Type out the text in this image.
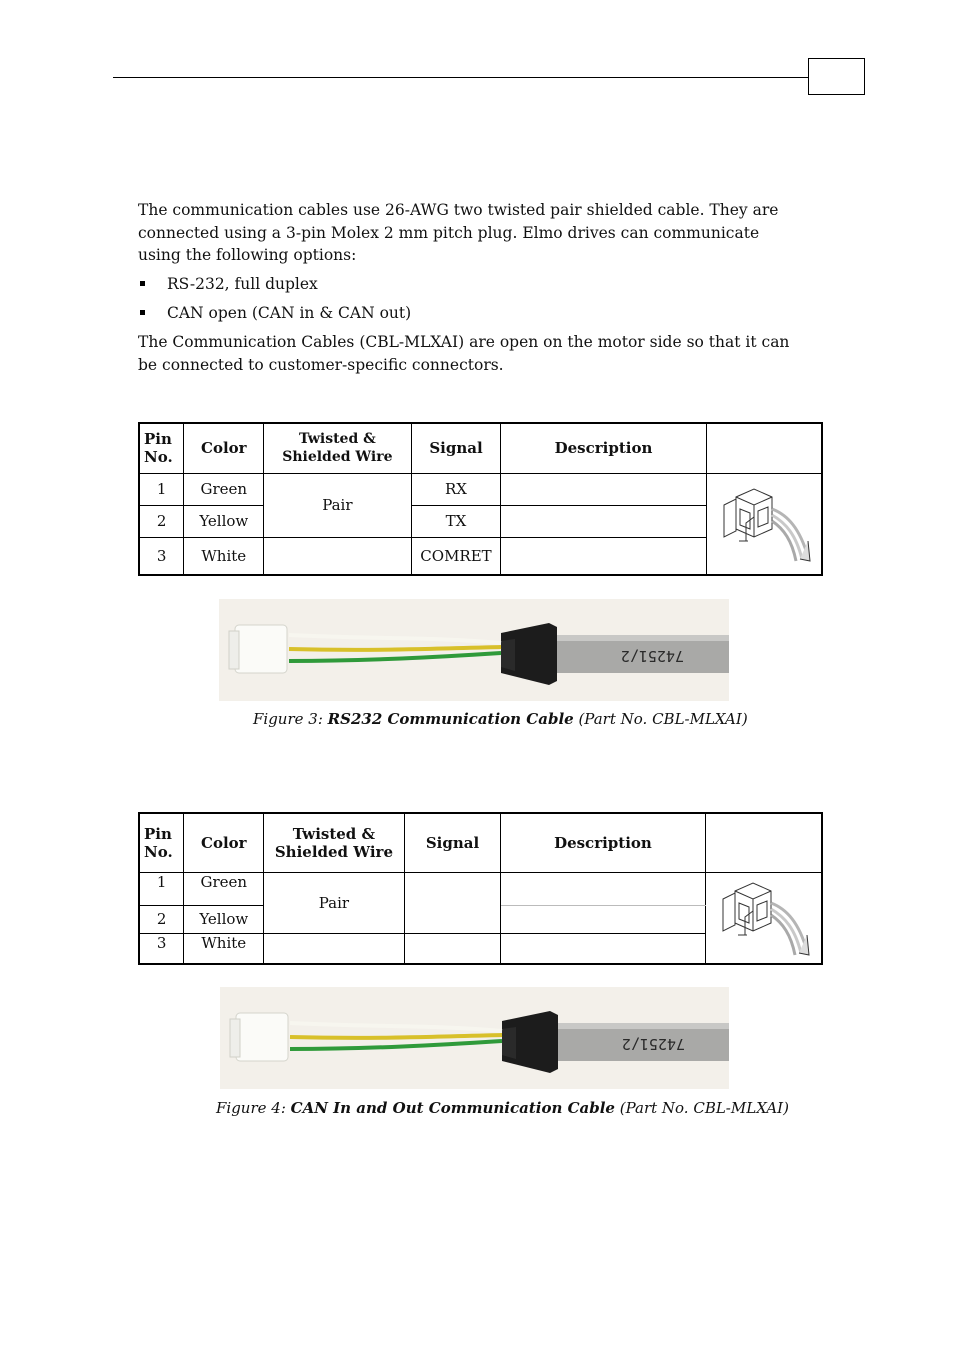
The communication cables use 26-AWG two twisted pair shielded cable. They are connected using a 3-pin Molex 2 mm pitch plug. Elmo drives can communicate using the following options:

RS-232, full duplex
CAN open (CAN in & CAN out)

The Communication Cables (CBL-MLXAI) are open on the motor side so that it can be connected to customer-specific connectors.

Pin No.	Color	Twisted & Shielded Wire	Signal	Description	
1	Green	Pair	RX		
2	Yellow		TX		
3	White		COMRET		
74251/2
Figure 3: RS232 Communication Cable (Part No. CBL-MLXAI)
Pin No.	Color	Twisted & Shielded Wire	Signal	Description	
1	Green	Pair			
2	Yellow				
3	White				
74251/2
Figure 4: CAN In and Out Communication Cable (Part No. CBL-MLXAI)
